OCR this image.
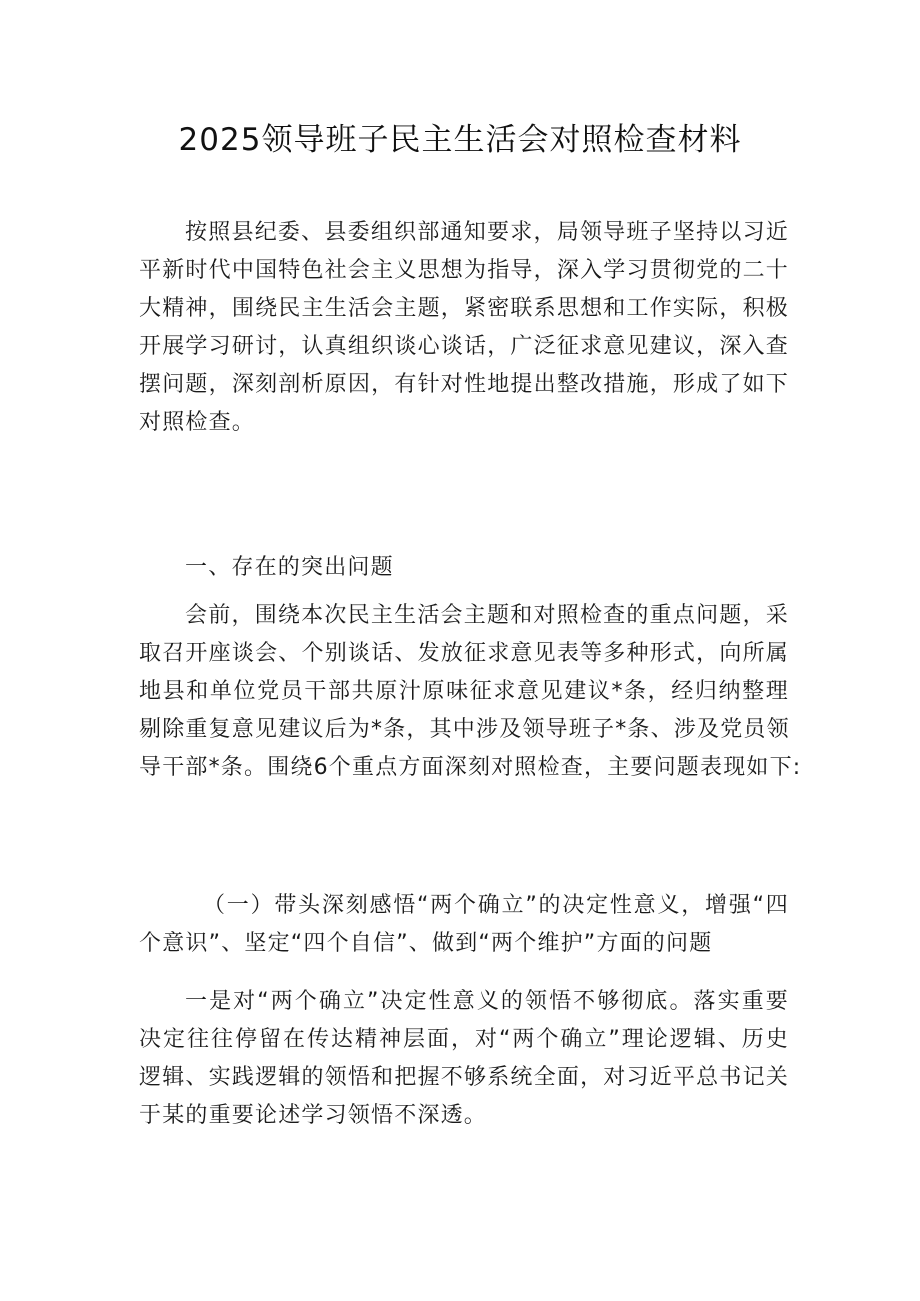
2025领导班子民主生活会对照检查材料
按照县纪委、县委组织部通知要求，局领导班子坚持以习近
平新时代中国特色社会主义思想为指导，深入学习贯彻党的二十
大精神，围绕民主生活会主题，紧密联系思想和工作实际，积极
开展学习研讨，认真组织谈心谈话，广泛征求意见建议，深入查
摆问题，深刻剖析原因，有针对性地提出整改措施，形成了如下
对照检查。
一、存在的突出问题
会前，围绕本次民主生活会主题和对照检查的重点问题，采
取召开座谈会、个别谈话、发放征求意见表等多种形式，向所属
地县和单位党员干部共原汁原味征求意见建议*条，经归纳整理
剔除重复意见建议后为*条，其中涉及领导班子*条、涉及党员领
导干部*条。围绕6个重点方面深刻对照检查，主要问题表现如下:
（一）带头深刻感悟“两个确立”的决定性意义，增强“四
个意识”、坚定“四个自信”、做到“两个维护”方面的问题
一是对“两个确立”决定性意义的领悟不够彻底。落实重要
决定往往停留在传达精神层面，对“两个确立”理论逻辑、历史
逻辑、实践逻辑的领悟和把握不够系统全面，对习近平总书记关
于某的重要论述学习领悟不深透。
